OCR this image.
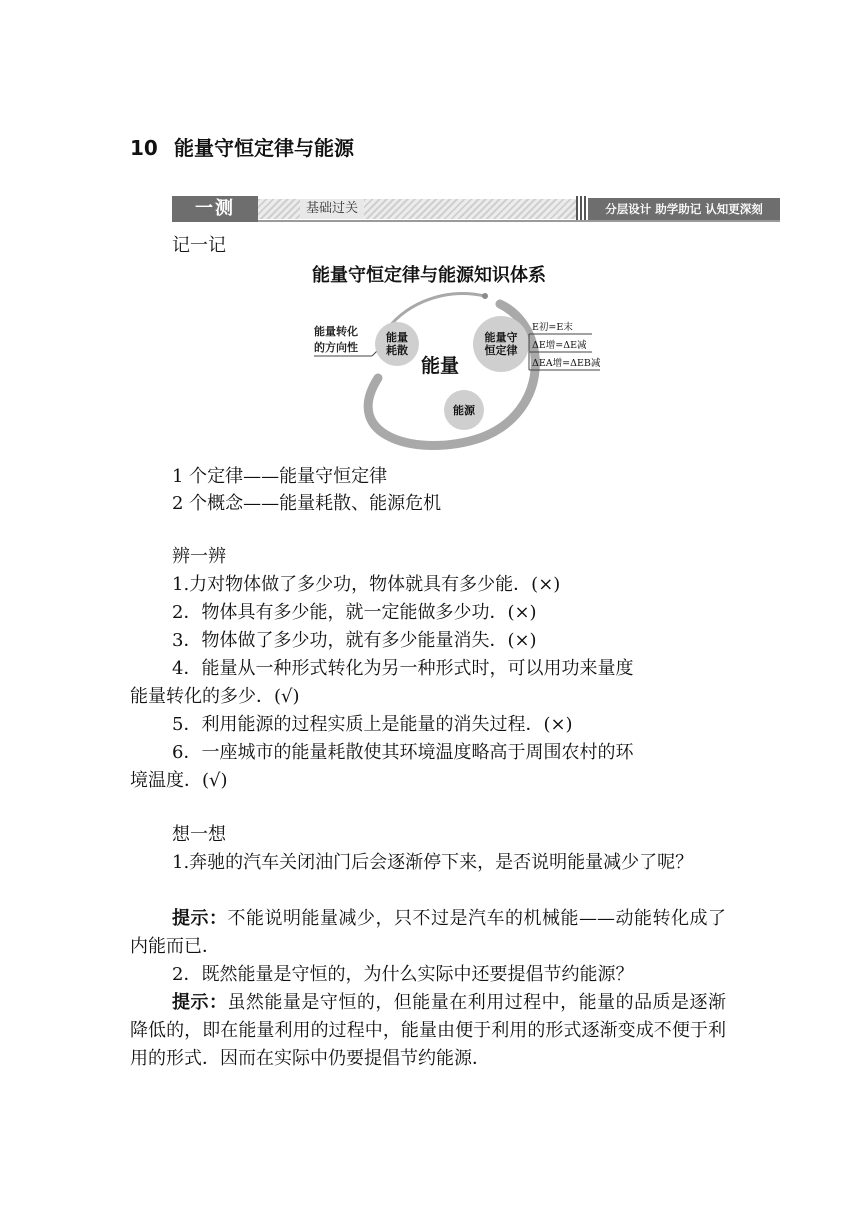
10 能量守恒定律与能源
一测	基础过关	分层设计 助学助记 认知更深刻
记一记
能量守恒定律与能源知识体系
能量转化
的方向性
能量
耗散
能量
能量守
恒定律
E初=E末
ΔE增=ΔE减
ΔEA增=ΔEB减
能源
1 个定律——能量守恒定律
2 个概念——能量耗散、能源危机
辨一辨
1.力对物体做了多少功，物体就具有多少能．(×)
2．物体具有多少能，就一定能做多少功．(×)
3．物体做了多少功，就有多少能量消失．(×)
4．能量从一种形式转化为另一种形式时，可以用功来量度
能量转化的多少．(√)
5．利用能源的过程实质上是能量的消失过程．(×)
6．一座城市的能量耗散使其环境温度略高于周围农村的环
境温度．(√)
想一想
1.奔驰的汽车关闭油门后会逐渐停下来，是否说明能量减少了呢？
提示：不能说明能量减少，只不过是汽车的机械能——动能转化成了内能而已．
2．既然能量是守恒的，为什么实际中还要提倡节约能源？
提示：虽然能量是守恒的，但能量在利用过程中，能量的品质是逐渐降低的，即在能量利用的过程中，能量由便于利用的形式逐渐变成不便于利用的形式．因而在实际中仍要提倡节约能源．
